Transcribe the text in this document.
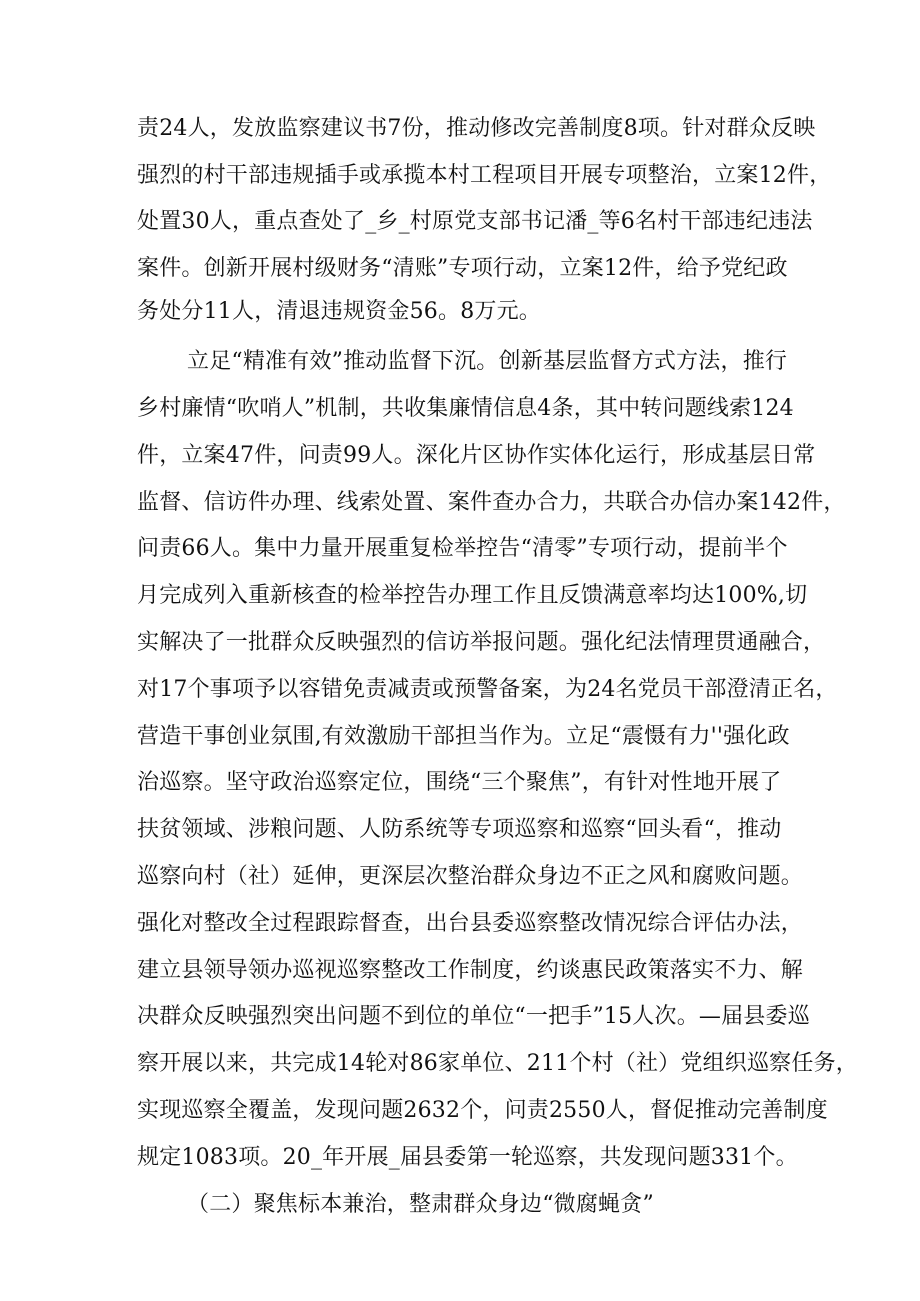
责24人，发放监察建议书7份，推动修改完善制度8项。针对群众反映
强烈的村干部违规插手或承揽本村工程项目开展专项整治，立案12件，
处置30人，重点查处了_乡_村原党支部书记潘_等6名村干部违纪违法
案件。创新开展村级财务“清账”专项行动，立案12件，给予党纪政
务处分11人，清退违规资金56。8万元。
立足“精准有效”推动监督下沉。创新基层监督方式方法，推行
乡村廉情“吹哨人”机制，共收集廉情信息4条，其中转问题线索124
件，立案47件，问责99人。深化片区协作实体化运行，形成基层日常
监督、信访件办理、线索处置、案件查办合力，共联合办信办案142件，
问责66人。集中力量开展重复检举控告“清零”专项行动，提前半个
月完成列入重新核查的检举控告办理工作且反馈满意率均达100%,切
实解决了一批群众反映强烈的信访举报问题。强化纪法情理贯通融合，
对17个事项予以容错免责减责或预警备案，为24名党员干部澄清正名，
营造干事创业氛围,有效激励干部担当作为。立足“震慑有力''强化政
治巡察。坚守政治巡察定位，围绕“三个聚焦”，有针对性地开展了
扶贫领域、涉粮问题、人防系统等专项巡察和巡察“回头看“，推动
巡察向村（社）延伸，更深层次整治群众身边不正之风和腐败问题。
强化对整改全过程跟踪督查，出台县委巡察整改情况综合评估办法，
建立县领导领办巡视巡察整改工作制度，约谈惠民政策落实不力、解
决群众反映强烈突出问题不到位的单位“一把手”15人次。—届县委巡
察开展以来，共完成14轮对86家单位、211个村（社）党组织巡察任务，
实现巡察全覆盖，发现问题2632个，问责2550人，督促推动完善制度
规定1083项。20_年开展_届县委第一轮巡察，共发现问题331个。
（二）聚焦标本兼治，整肃群众身边“微腐蝇贪”
